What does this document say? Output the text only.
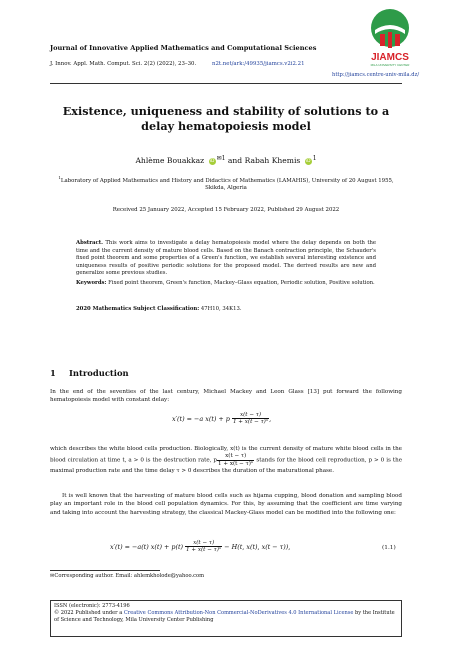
Journal of Innovative Applied Mathematics and Computational Sciences
J. Innov. Appl. Math. Comput. Sci. 2(2) (2022), 23–30.	n2t.net/ark:/49935/jiamcs.v2i2.21
http://jiamcs.centre-univ-mila.dz/
JIAMCS
MILA UNIVERSITY CENTER
Existence, uniqueness and stability of solutions to a delay hematopoiesis model
Ahlème Bouakkaz iD $^{✉1}$ and Rabah Khemis iD $^1$
$^1$Laboratory of Applied Mathematics and History and Didactics of Mathematics (LAMAHIS), University of 20 August 1955, Skikda, Algeria
Received 25 January 2022, Accepted 15 February 2022, Published 29 August 2022
Abstract. This work aims to investigate a delay hematopoiesis model where the delay depends on both the time and the current density of mature blood cells. Based on the Banach contraction principle, the Schauder's fixed point theorem and some properties of a Green's function, we establish several interesting existence and uniqueness results of positive periodic solutions for the proposed model. The derived results are new and generalize some previous studies.
Keywords: Fixed point theorem, Green's function, Mackey–Glass equation, Periodic solution, Positive solution.
2020 Mathematics Subject Classification: 47H10, 34K13.
1 Introduction
In the end of the seventies of the last century, Michael Mackey and Leon Glass [13] put forward the following hematopoiesis model with constant delay:
x′(t) = −a x(t) + p $\frac{x(t - \tau)}{\text{1 + x(t − τ)ⁿ}}$ ,
which describes the white blood cells production. Biologically, x(t) is the current density of mature white blood cells in the blood circulation at time t, a > 0 is the destruction rate, p $\frac{x(t - \tau)}{\text{1 + x(t − τ)ⁿ}}$ stands for the blood cell reproduction, p > 0 is the maximal production rate and the time delay τ > 0 describes the duration of the maturational phase.
It is well known that the harvesting of mature blood cells such as hijama cupping, blood donation and sampling blood play an important role in the blood cell population dynamics. For this, by assuming that the coefficient are time varying and taking into account the harvesting strategy, the classical Mackey-Glass model can be modified into the following one:
x′(t) = −a(t) $x(t) + p(t) \frac{x(t - \tau)}{\text{1 + x(t − τ)ⁿ}} - H(t$, x(t), x(t − τ)),	(1.1)
✉Corresponding author. Email: ahlemkholode@yahoo.com
ISSN (electronic): 2773-4196
© 2022 Published under a Creative Commons Attribution-Non Commercial-NoDerivatives 4.0 International License by the Institute of Science and Technology, Mila University Center Publishing
